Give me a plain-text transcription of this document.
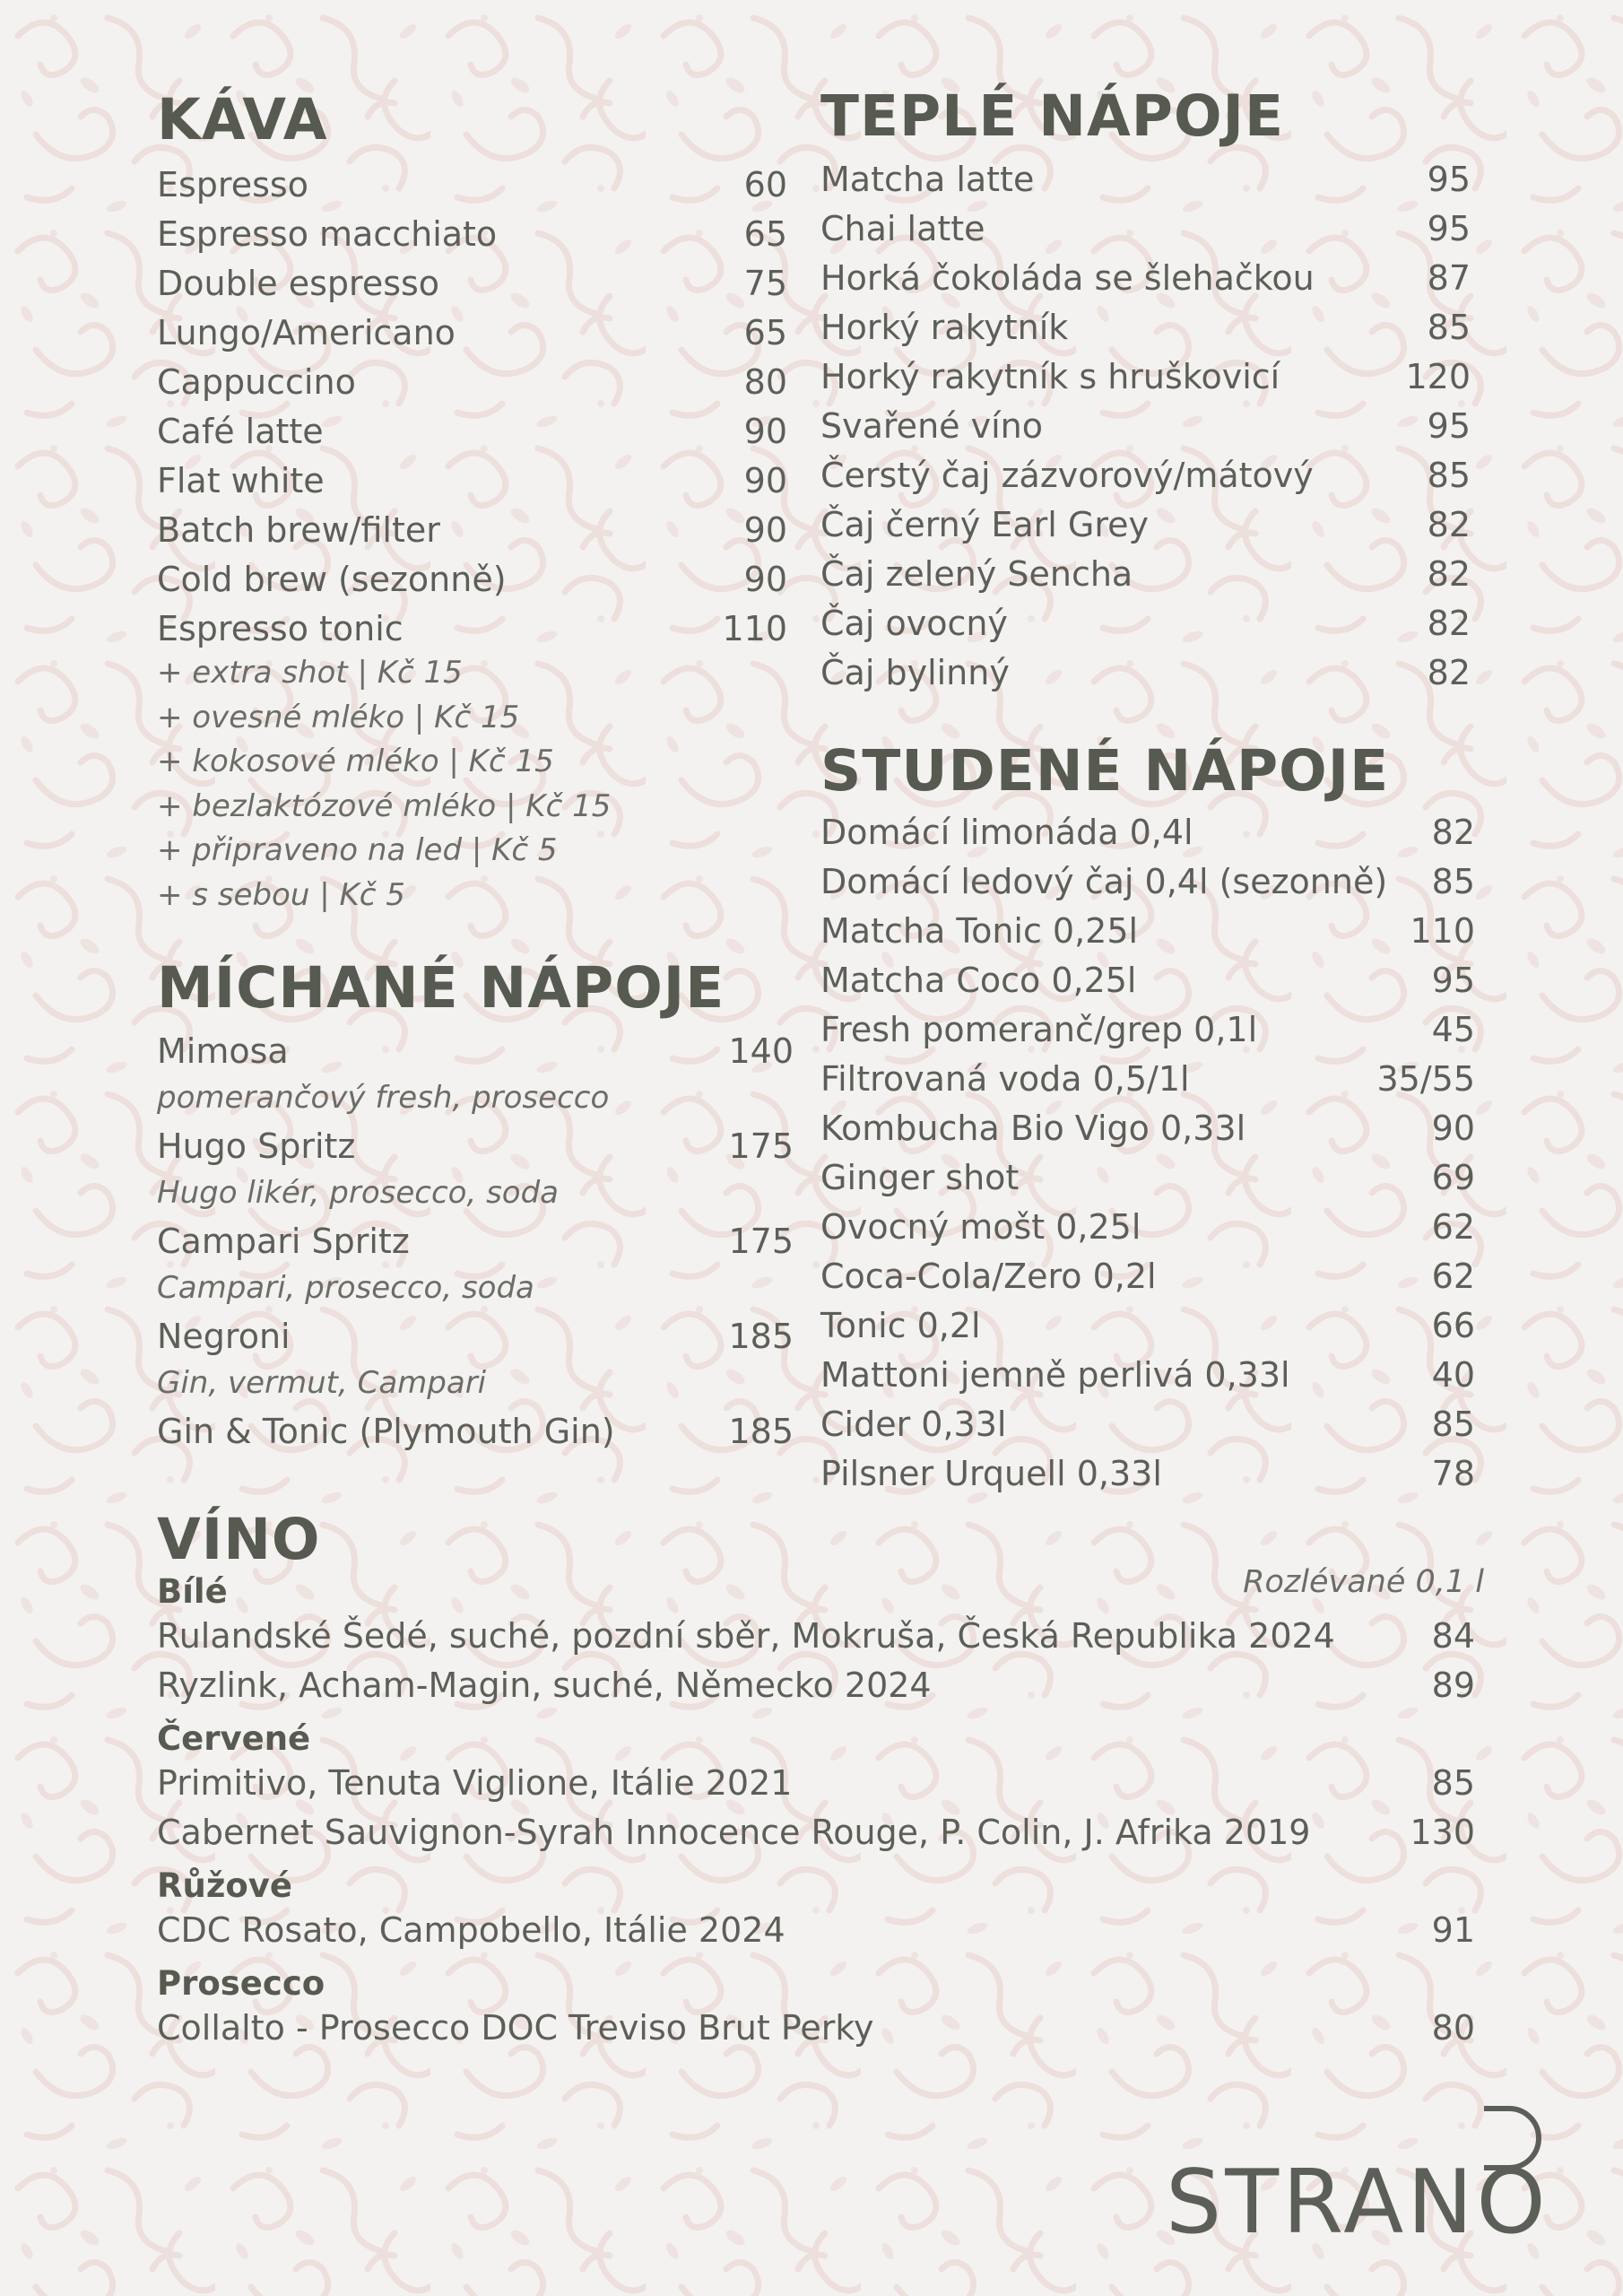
KÁVA
Espresso	60
Espresso macchiato	65
Double espresso	75
Lungo/Americano	65
Cappuccino	80
Café latte	90
Flat white	90
Batch brew/filter	90
Cold brew (sezonně)	90
Espresso tonic	110
+ extra shot | Kč 15
+ ovesné mléko | Kč 15
+ kokosové mléko | Kč 15
+ bezlaktózové mléko | Kč 15
+ připraveno na led | Kč 5
+ s sebou | Kč 5
MÍCHANÉ NÁPOJE
Mimosa	140
pomerančový fresh, prosecco
Hugo Spritz	175
Hugo likér, prosecco, soda
Campari Spritz	175
Campari, prosecco, soda
Negroni	185
Gin, vermut, Campari
Gin & Tonic (Plymouth Gin)	185
TEPLÉ NÁPOJE
Matcha latte	95
Chai latte	95
Horká čokoláda se šlehačkou	87
Horký rakytník	85
Horký rakytník s hruškovicí	120
Svařené víno	95
Čerstý čaj zázvorový/mátový	85
Čaj černý Earl Grey	82
Čaj zelený Sencha	82
Čaj ovocný	82
Čaj bylinný	82
STUDENÉ NÁPOJE
Domácí limonáda 0,4l	82
Domácí ledový čaj 0,4l (sezonně) 85
Matcha Tonic 0,25l	110
Matcha Coco 0,25l	95
Fresh pomeranč/grep 0,1l	45
Filtrovaná voda 0,5/1l	35/55
Kombucha Bio Vigo 0,33l	90
Ginger shot	69
Ovocný mošt 0,25l	62
Coca-Cola/Zero 0,2l	62
Tonic 0,2l	66
Mattoni jemně perlivá 0,33l	40
Cider 0,33l	85
Pilsner Urquell 0,33l	78
VÍNO
Rozlévané 0,1 l
Bílé
Rulandské Šedé, suché, pozdní sběr, Mokruša, Česká Republika 2024	84
Ryzlink, Acham-Magin, suché, Německo 2024	89
Červené
Primitivo, Tenuta Viglione, Itálie 2021	85
Cabernet Sauvignon-Syrah Innocence Rouge, P. Colin, J. Afrika 2019	130
Růžové
CDC Rosato, Campobello, Itálie 2024	91
Prosecco
Collalto - Prosecco DOC Treviso Brut Perky	80
STRANO
